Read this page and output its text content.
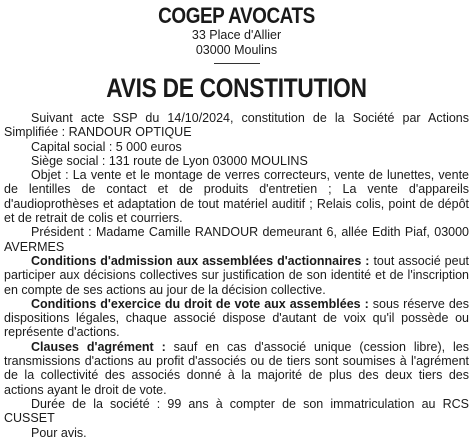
COGEP AVOCATS
33 Place d'Allier
03000 Moulins
AVIS DE CONSTITUTION

Suivant acte SSP du 14/10/2024, constitution de la Société par Actions Simplifiée : RANDOUR OPTIQUE

Capital social : 5 000 euros

Siège social : 131 route de Lyon 03000 MOULINS

Objet : La vente et le montage de verres correcteurs, vente de lunettes, vente de lentilles de contact et de produits d'entretien ; La vente d'appareils d'audioprothèses et adaptation de tout matériel auditif ; Relais colis, point de dépôt et de retrait de colis et courriers.

Président : Madame Camille RANDOUR demeurant 6, allée Edith Piaf, 03000 AVERMES

Conditions d'admission aux assemblées d'actionnaires : tout associé peut participer aux décisions collectives sur justification de son identité et de l'inscription en compte de ses actions au jour de la décision collective.

Conditions d'exercice du droit de vote aux assemblées : sous réserve des dispositions légales, chaque associé dispose d'autant de voix qu'il possède ou représente d'actions.

Clauses d'agrément : sauf en cas d'associé unique (cession libre), les transmissions d'actions au profit d'associés ou de tiers sont soumises à l'agrément de la collectivité des associés donné à la majorité de plus des deux tiers des actions ayant le droit de vote.

Durée de la société : 99 ans à compter de son immatriculation au RCS CUSSET

Pour avis.
